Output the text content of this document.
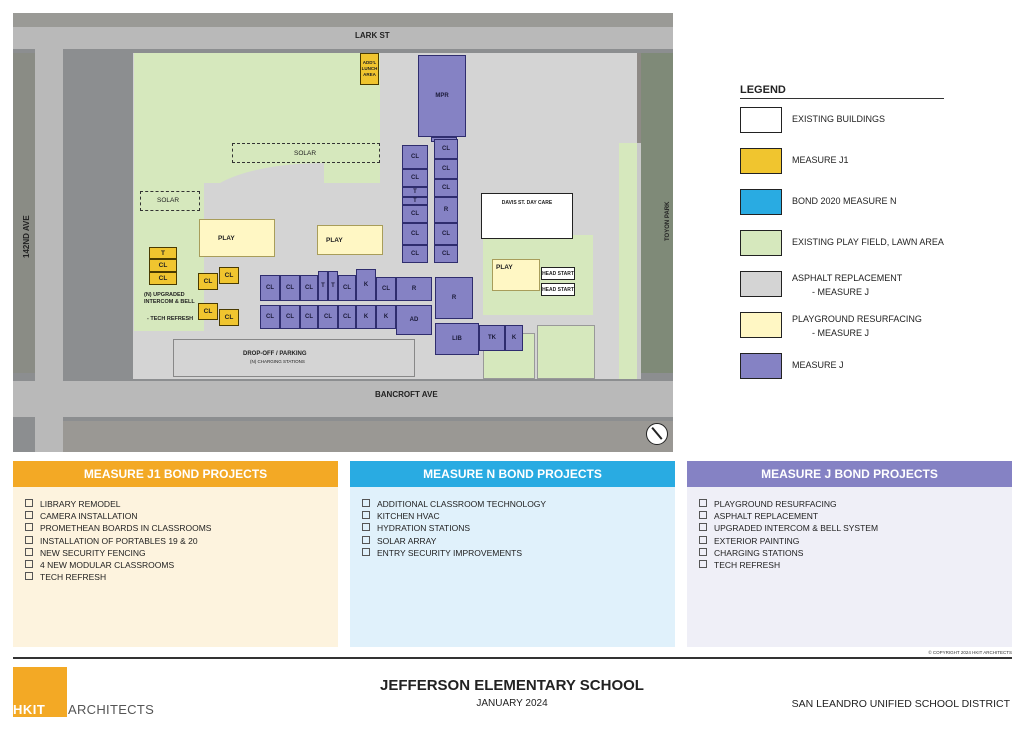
LARK ST
BANCROFT AVE
142ND AVE	TOYON PARK
SOLAR
SOLAR
PLAY	PLAY
PLAY
DAVIS ST. DAY CARE
HEAD START
HEAD START
ADD'L LUNCH AREA
T
CL
CL	CL
CL
CL
CL
(N) UPGRADED INTERCOM & BELL
- TECH REFRESH
DROP-OFF / PARKING
(N) CHARGING STATIONS
MPR
CL
CL
CL
CL
CL
T
T
CL
R
CL	CL
CL	CL
CL	CL	CL	T	T	CL	K
CL	R
CL	CL	CL	CL	CL	K	K	AD
R
LIB	TK	K
LEGEND
EXISTING BUILDINGS
MEASURE J1
BOND 2020 MEASURE N
EXISTING PLAY FIELD, LAWN AREA
ASPHALT REPLACEMENT
- MEASURE J
PLAYGROUND RESURFACING
- MEASURE J
MEASURE J
MEASURE J1 BOND PROJECTS
LIBRARY REMODEL
CAMERA INSTALLATION
PROMETHEAN BOARDS IN CLASSROOMS
INSTALLATION OF PORTABLES 19 & 20
NEW SECURITY FENCING
4 NEW MODULAR CLASSROOMS
TECH REFRESH
MEASURE N BOND PROJECTS
ADDITIONAL CLASSROOM TECHNOLOGY
KITCHEN HVAC
HYDRATION STATIONS
SOLAR ARRAY
ENTRY SECURITY IMPROVEMENTS
MEASURE J BOND PROJECTS
PLAYGROUND RESURFACING
ASPHALT REPLACEMENT
UPGRADED INTERCOM & BELL SYSTEM
EXTERIOR PAINTING
CHARGING STATIONS
TECH REFRESH
© COPYRIGHT 2024 HKIT ARCHITECTS
HKIT ARCHITECTS
JEFFERSON ELEMENTARY SCHOOL
JANUARY 2024	SAN LEANDRO UNIFIED SCHOOL DISTRICT
